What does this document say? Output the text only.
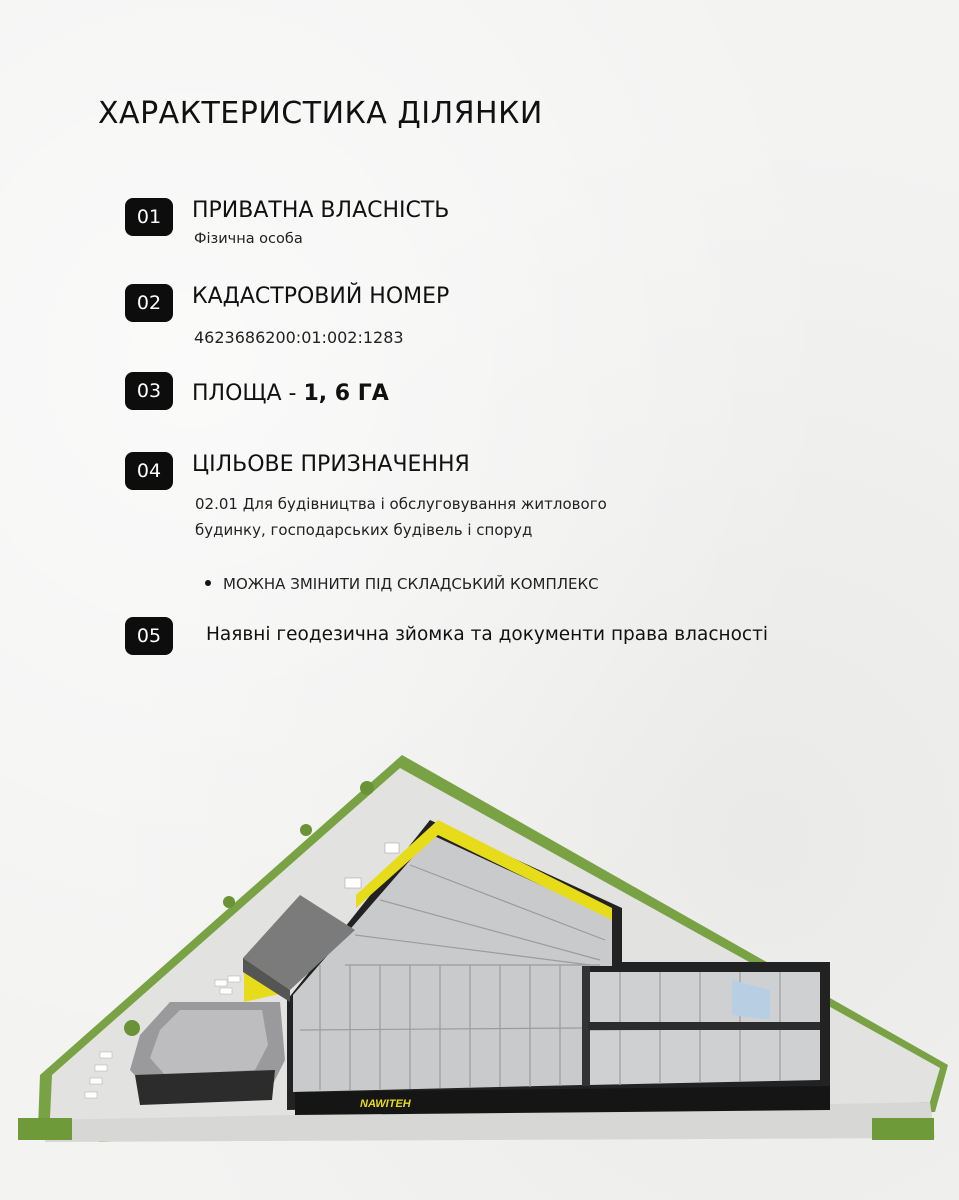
ХАРАКТЕРИСТИКА ДІЛЯНКИ
01	ПРИВАТНА ВЛАСНІСТЬ
Фізична особа
02	КАДАСТРОВИЙ НОМЕР
4623686200:01:002:1283
03	ПЛОЩА - 1, 6 ГА
04	ЦІЛЬОВЕ ПРИЗНАЧЕННЯ
02.01 Для будівництва і обслуговування житлового будинку, господарських будівель і споруд
МОЖНА ЗМІНИТИ ПІД СКЛАДСЬКИЙ КОМПЛЕКС
05	Наявні геодезична зйомка та документи права власності
NAWITEH
